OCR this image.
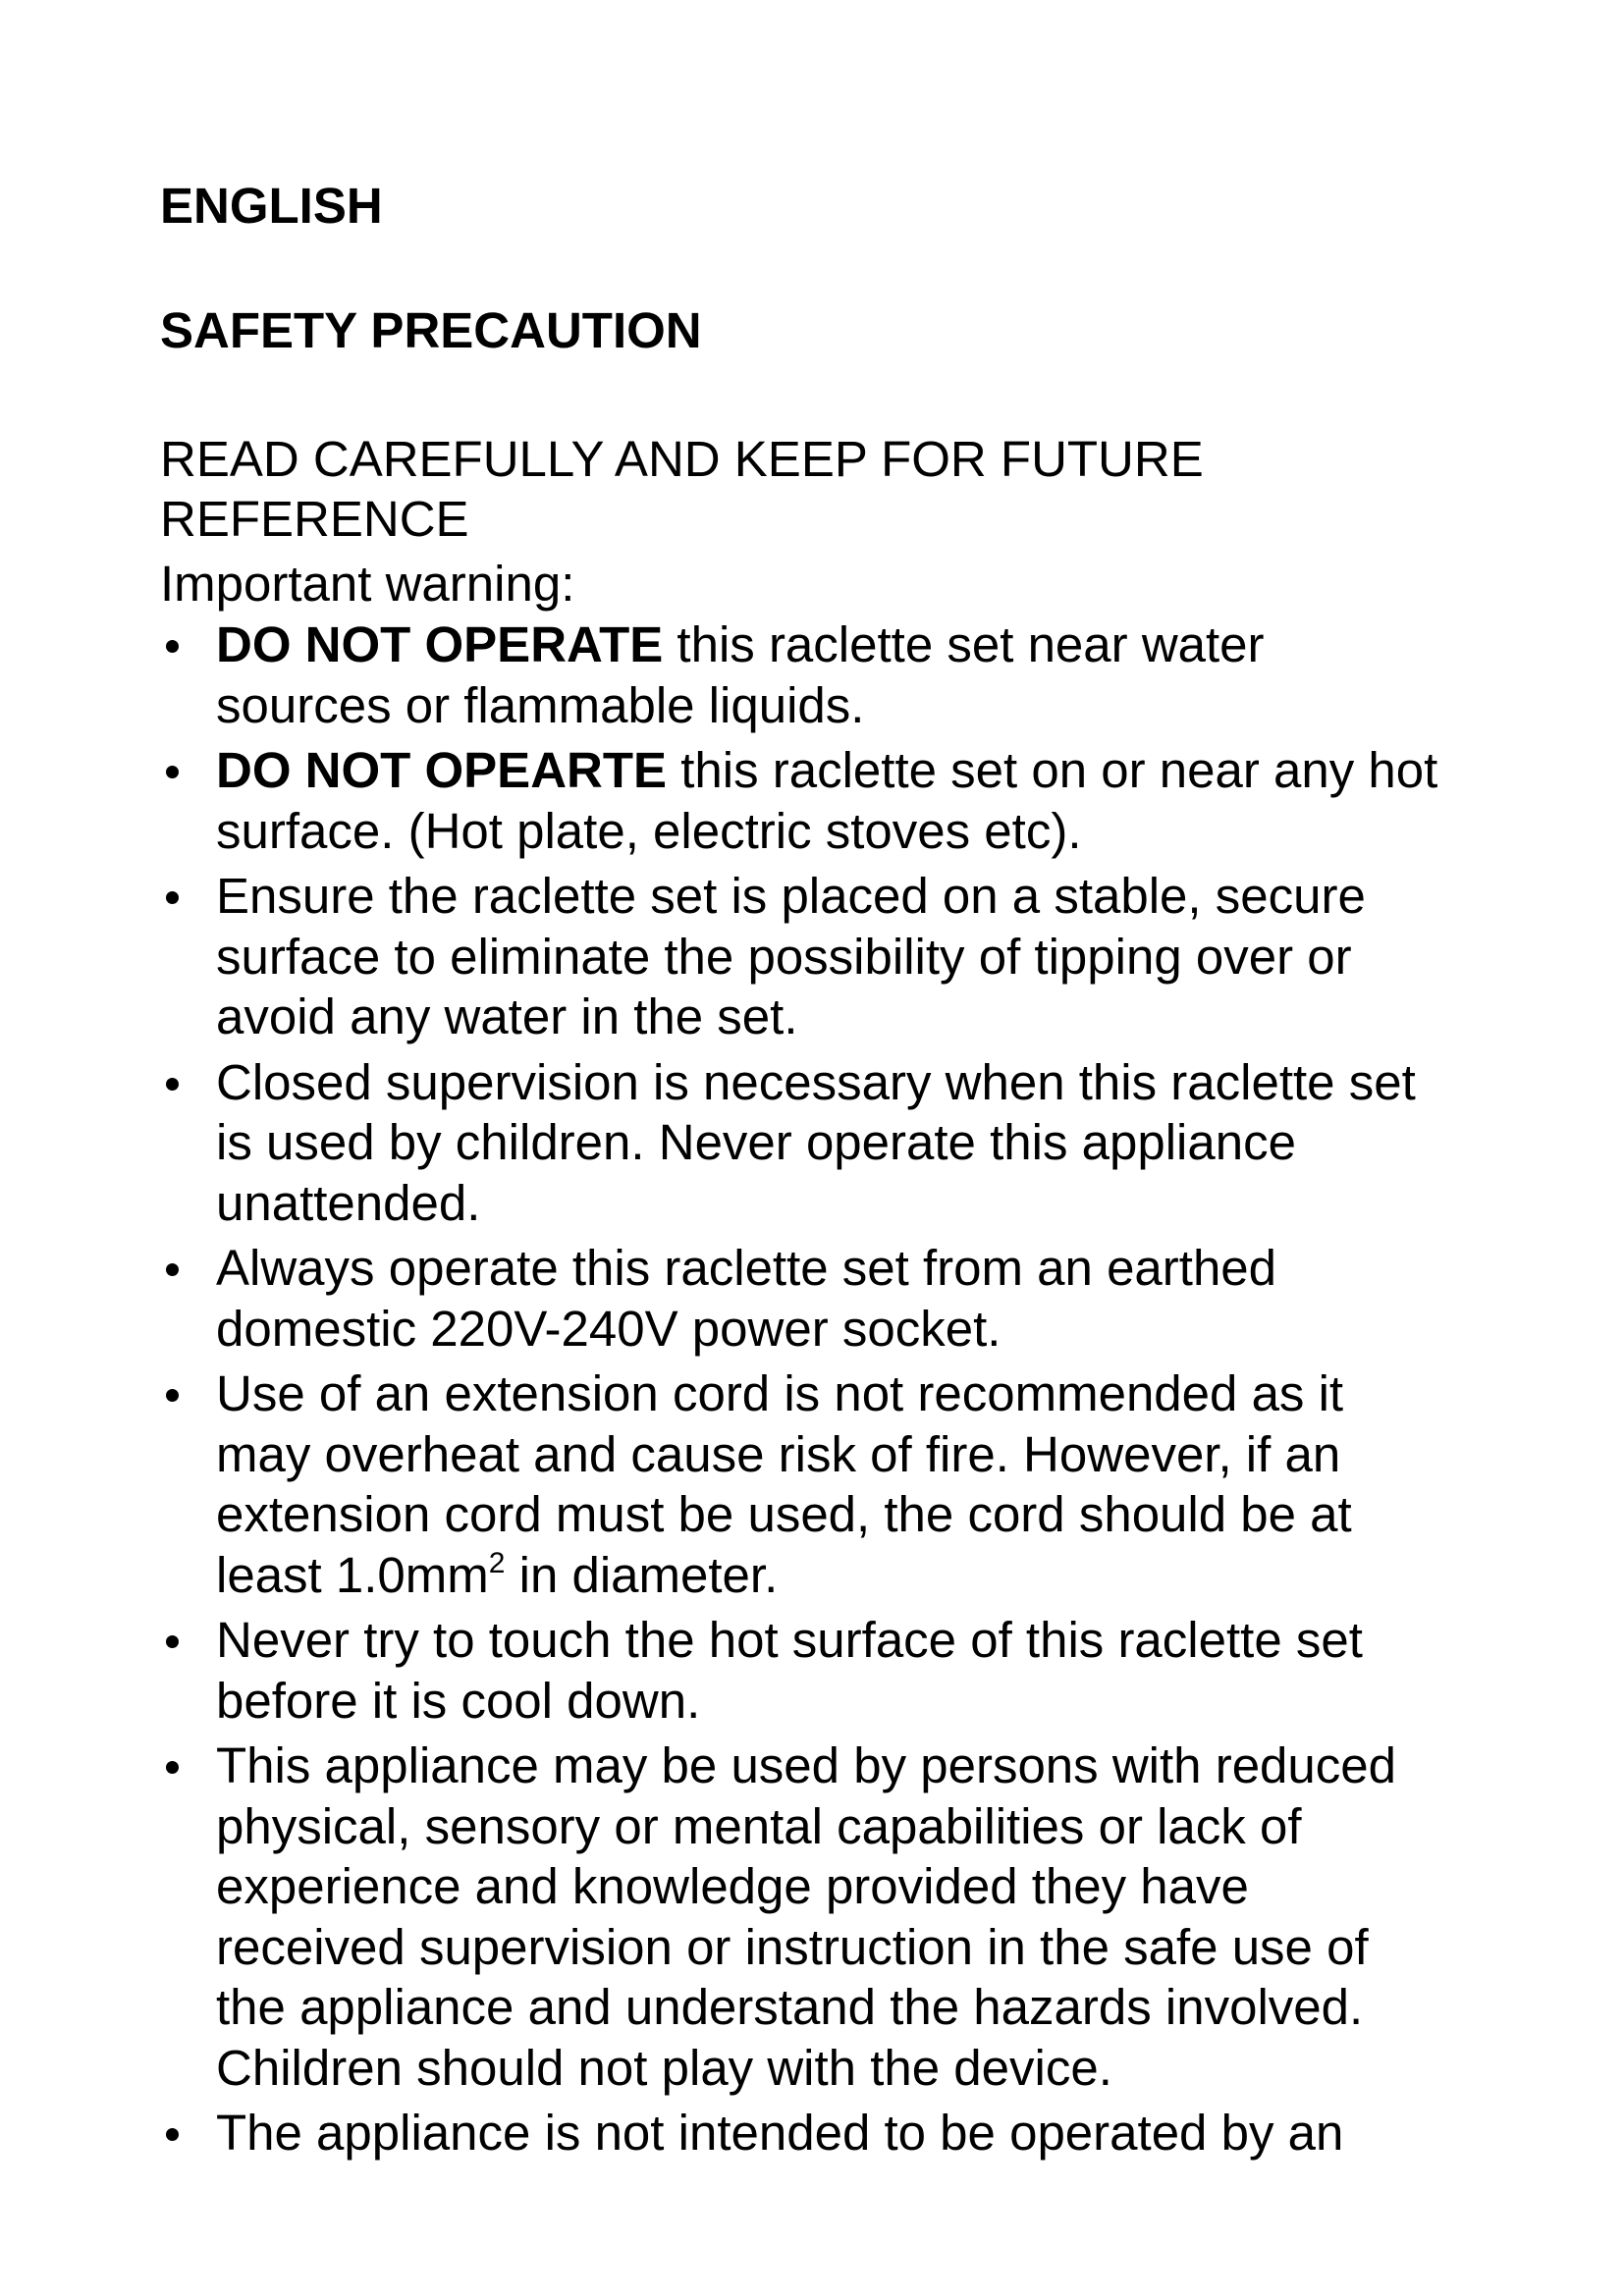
ENGLISH
SAFETY PRECAUTION

READ CAREFULLY AND KEEP FOR FUTURE

REFERENCE

Important warning:

DO NOT OPERATE this raclette set near water
sources or flammable liquids.
DO NOT OPEARTE this raclette set on or near any hot
surface. (Hot plate, electric stoves etc).
Ensure the raclette set is placed on a stable, secure
surface to eliminate the possibility of tipping over or
avoid any water in the set.
Closed supervision is necessary when this raclette set
is used by children. Never operate this appliance
unattended.
Always operate this raclette set from an earthed
domestic 220V-240V power socket.
Use of an extension cord is not recommended as it
may overheat and cause risk of fire. However, if an
extension cord must be used, the cord should be at
least $1.0mm^2$ in diameter.
Never try to touch the hot surface of this raclette set
before it is cool down.
This appliance may be used by persons with reduced
physical, sensory or mental capabilities or lack of
experience and knowledge provided they have
received supervision or instruction in the safe use of
the appliance and understand the hazards involved.
Children should not play with the device.
The appliance is not intended to be operated by an
